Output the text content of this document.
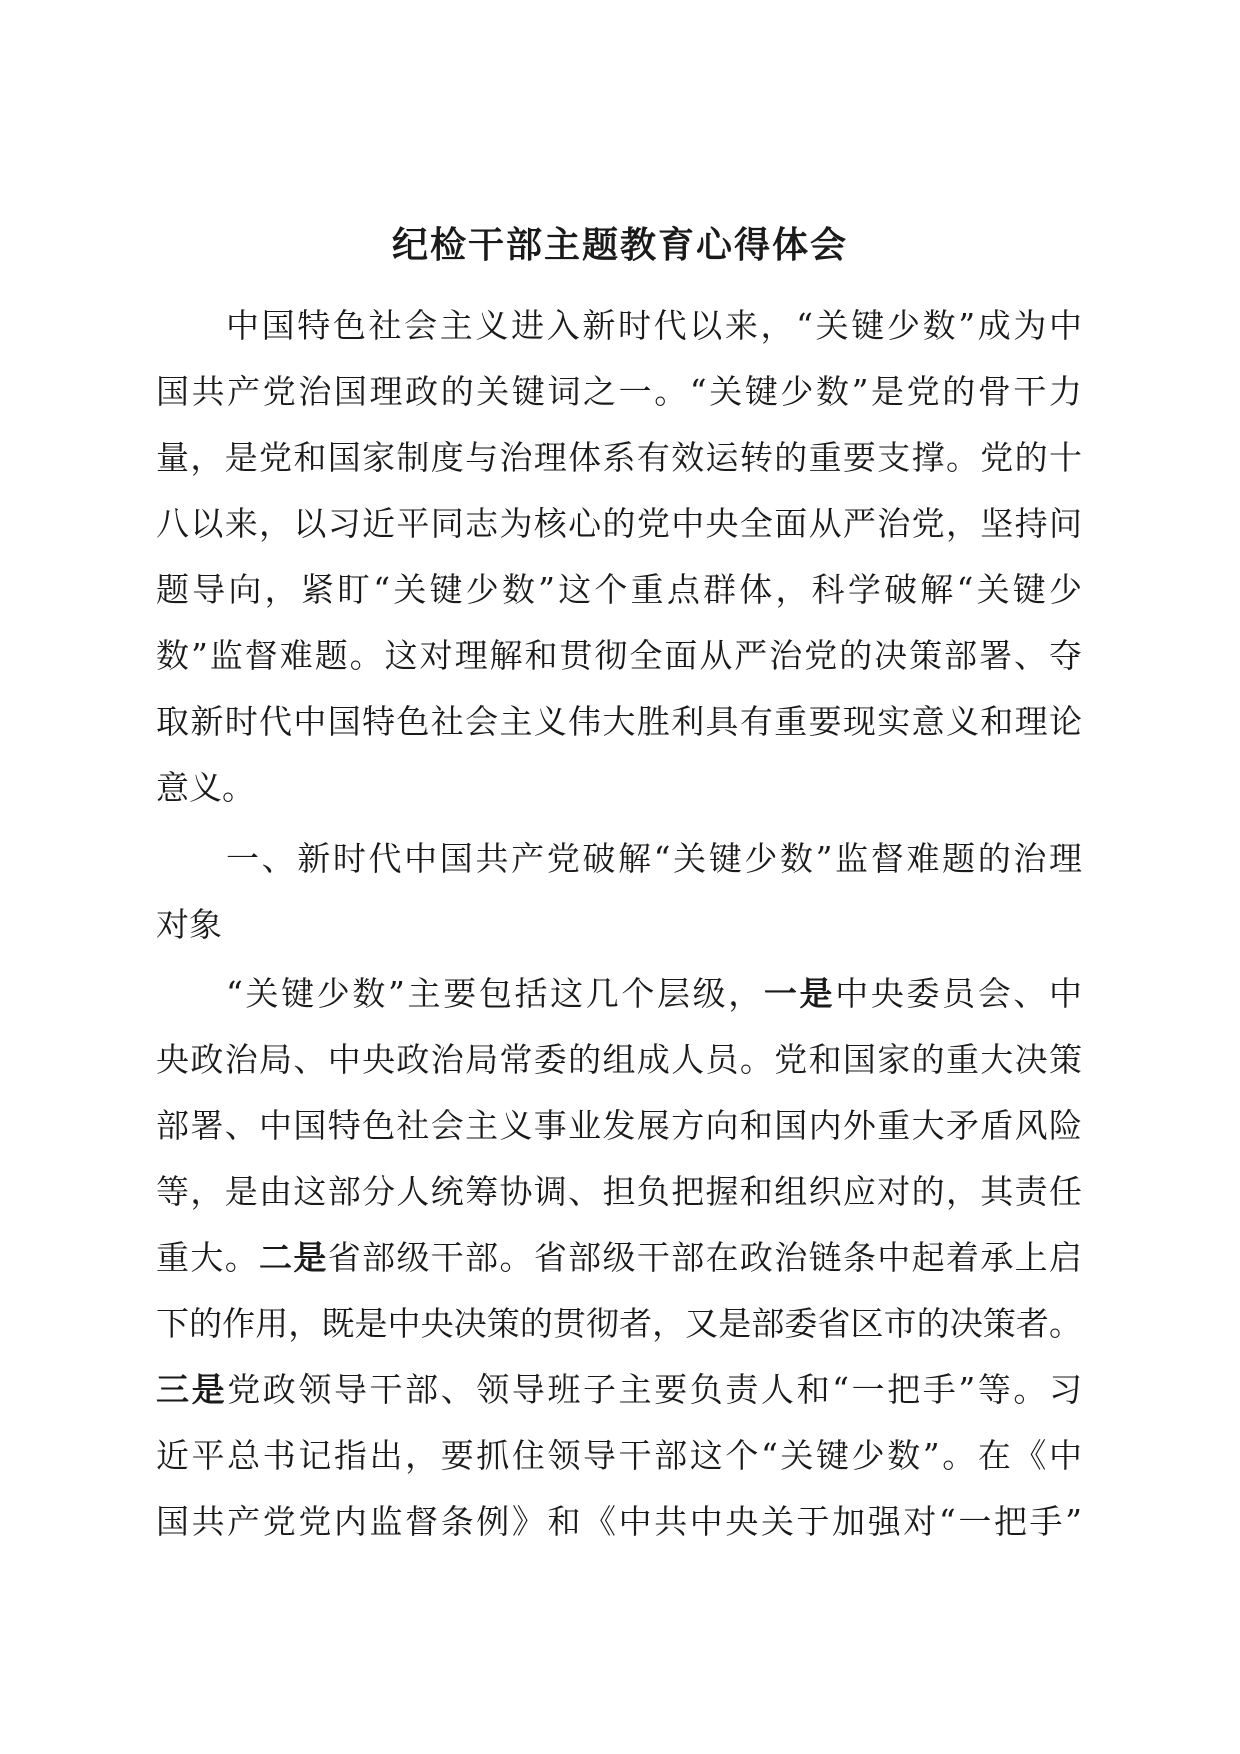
纪检干部主题教育心得体会
中国特色社会主义进入新时代以来，“关键少数”成为中
国共产党治国理政的关键词之一。“关键少数”是党的骨干力
量，是党和国家制度与治理体系有效运转的重要支撑。党的十
八以来，以习近平同志为核心的党中央全面从严治党，坚持问
题导向，紧盯“关键少数”这个重点群体，科学破解“关键少
数”监督难题。这对理解和贯彻全面从严治党的决策部署、夺
取新时代中国特色社会主义伟大胜利具有重要现实意义和理论
意义。
一、新时代中国共产党破解“关键少数”监督难题的治理
对象
“关键少数”主要包括这几个层级，一是中央委员会、中
央政治局、中央政治局常委的组成人员。党和国家的重大决策
部署、中国特色社会主义事业发展方向和国内外重大矛盾风险
等，是由这部分人统筹协调、担负把握和组织应对的，其责任
重大。二是省部级干部。省部级干部在政治链条中起着承上启
下的作用，既是中央决策的贯彻者，又是部委省区市的决策者。
三是党政领导干部、领导班子主要负责人和“一把手”等。习
近平总书记指出，要抓住领导干部这个“关键少数”。在《中
国共产党党内监督条例》和《中共中央关于加强对“一把手”
